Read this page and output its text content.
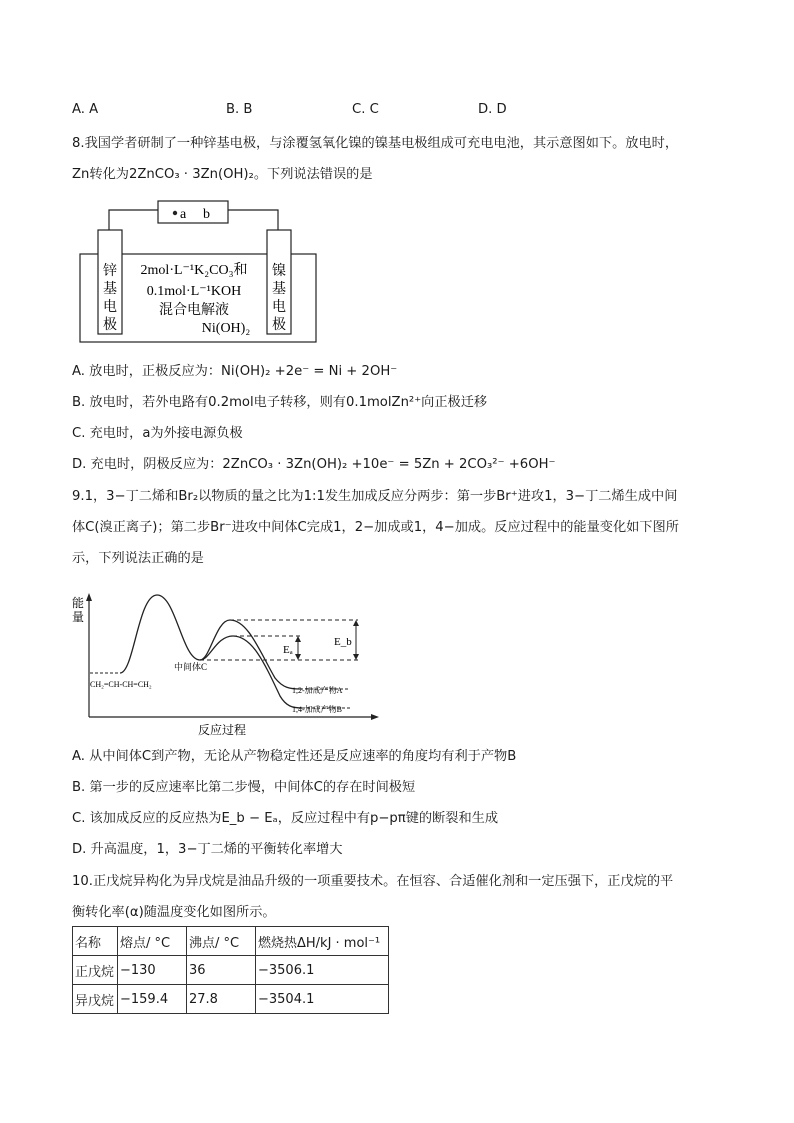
A. A	B. B	C. C	D. D
8.我国学者研制了一种锌基电极，与涂覆氢氧化镍的镍基电极组成可充电电池，其示意图如下。放电时，
Zn转化为2ZnCO₃ · 3Zn(OH)₂。下列说法错误的是
a b
锌
基
电
极
镍
基
电
极
2mol·L⁻¹K₂CO₃和
0.1mol·L⁻¹KOH
混合电解液
Ni(OH)₂
A. 放电时，正极反应为：Ni(OH)₂ +2e⁻ = Ni + 2OH⁻
B. 放电时，若外电路有0.2mol电子转移，则有0.1molZn²⁺向正极迁移
C. 充电时，a为外接电源负极
D. 充电时，阴极反应为：2ZnCO₃ · 3Zn(OH)₂ +10e⁻ = 5Zn + 2CO₃²⁻ +6OH⁻
9.1，3−丁二烯和Br₂以物质的量之比为1:1发生加成反应分两步：第一步Br⁺进攻1，3−丁二烯生成中间
体C(溴正离子)；第二步Br⁻进攻中间体C完成1，2−加成或1，4−加成。反应过程中的能量变化如下图所
示，下列说法正确的是
能
量
反应过程
Eₐ
E_b
CH₂=CH-CH=CH₂
中间体C
1,2-加成产物A
1,4-加成产物B
A. 从中间体C到产物，无论从产物稳定性还是反应速率的角度均有利于产物B
B. 第一步的反应速率比第二步慢，中间体C的存在时间极短
C. 该加成反应的反应热为E_b − Eₐ，反应过程中有p−pπ键的断裂和生成
D. 升高温度，1，3−丁二烯的平衡转化率增大
10.正戊烷异构化为异戊烷是油品升级的一项重要技术。在恒容、合适催化剂和一定压强下，正戊烷的平
衡转化率(α)随温度变化如图所示。
名称	熔点/ °C	沸点/ °C	燃烧热ΔH/kJ · mol⁻¹
正戊烷	−130	36	−3506.1
异戊烷	−159.4	27.8	−3504.1
